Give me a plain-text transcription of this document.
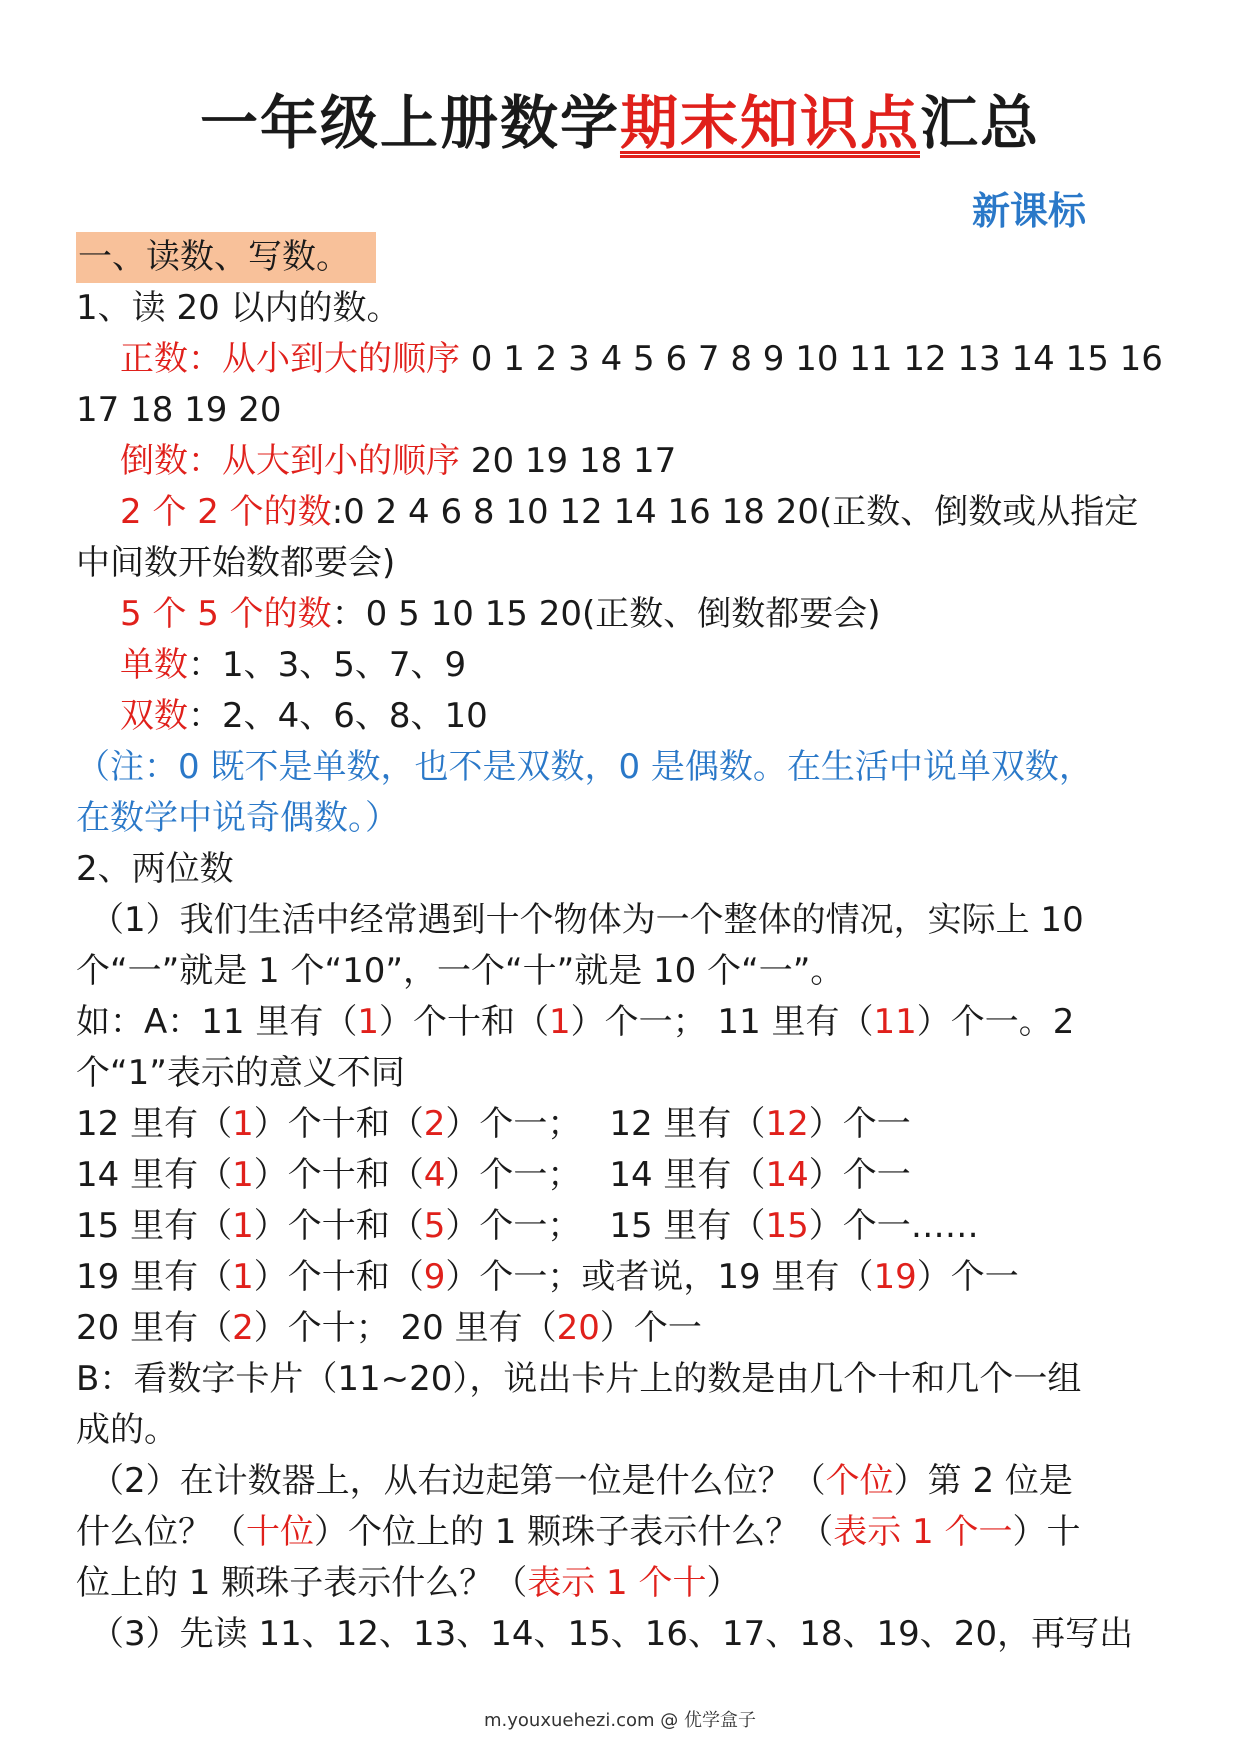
一年级上册数学期末知识点汇总
新课标
一、读数、写数。
1、读 20 以内的数。
正数：从小到大的顺序 0 1 2 3 4 5 6 7 8 9 10 11 12 13 14 15 16
17 18 19 20
倒数：从大到小的顺序 20 19 18 17
2 个 2 个的数:0 2 4 6 8 10 12 14 16 18 20(正数、倒数或从指定
中间数开始数都要会)
5 个 5 个的数：0 5 10 15 20(正数、倒数都要会)
单数：1、3、5、7、9
双数：2、4、6、8、10
（注：0 既不是单数，也不是双数，0 是偶数。在生活中说单双数，
在数学中说奇偶数。）
2、两位数
（1）我们生活中经常遇到十个物体为一个整体的情况，实际上 10
个“一”就是 1 个“10”，一个“十”就是 10 个“一”。
如：A：11 里有（1）个十和（1）个一； 11 里有（11）个一。2
个“1”表示的意义不同
12 里有（1）个十和（2）个一； 12 里有（12）个一
14 里有（1）个十和（4）个一； 14 里有（14）个一
15 里有（1）个十和（5）个一； 15 里有（15）个一……
19 里有（1）个十和（9）个一；或者说，19 里有（19）个一
20 里有（2）个十； 20 里有（20）个一
B：看数字卡片（11~20），说出卡片上的数是由几个十和几个一组
成的。
（2）在计数器上，从右边起第一位是什么位？（个位）第 2 位是
什么位？（十位）个位上的 1 颗珠子表示什么？（表示 1 个一）十
位上的 1 颗珠子表示什么？（表示 1 个十）
（3）先读 11、12、13、14、15、16、17、18、19、20，再写出
m.youxuehezi.com @ 优学盒子
